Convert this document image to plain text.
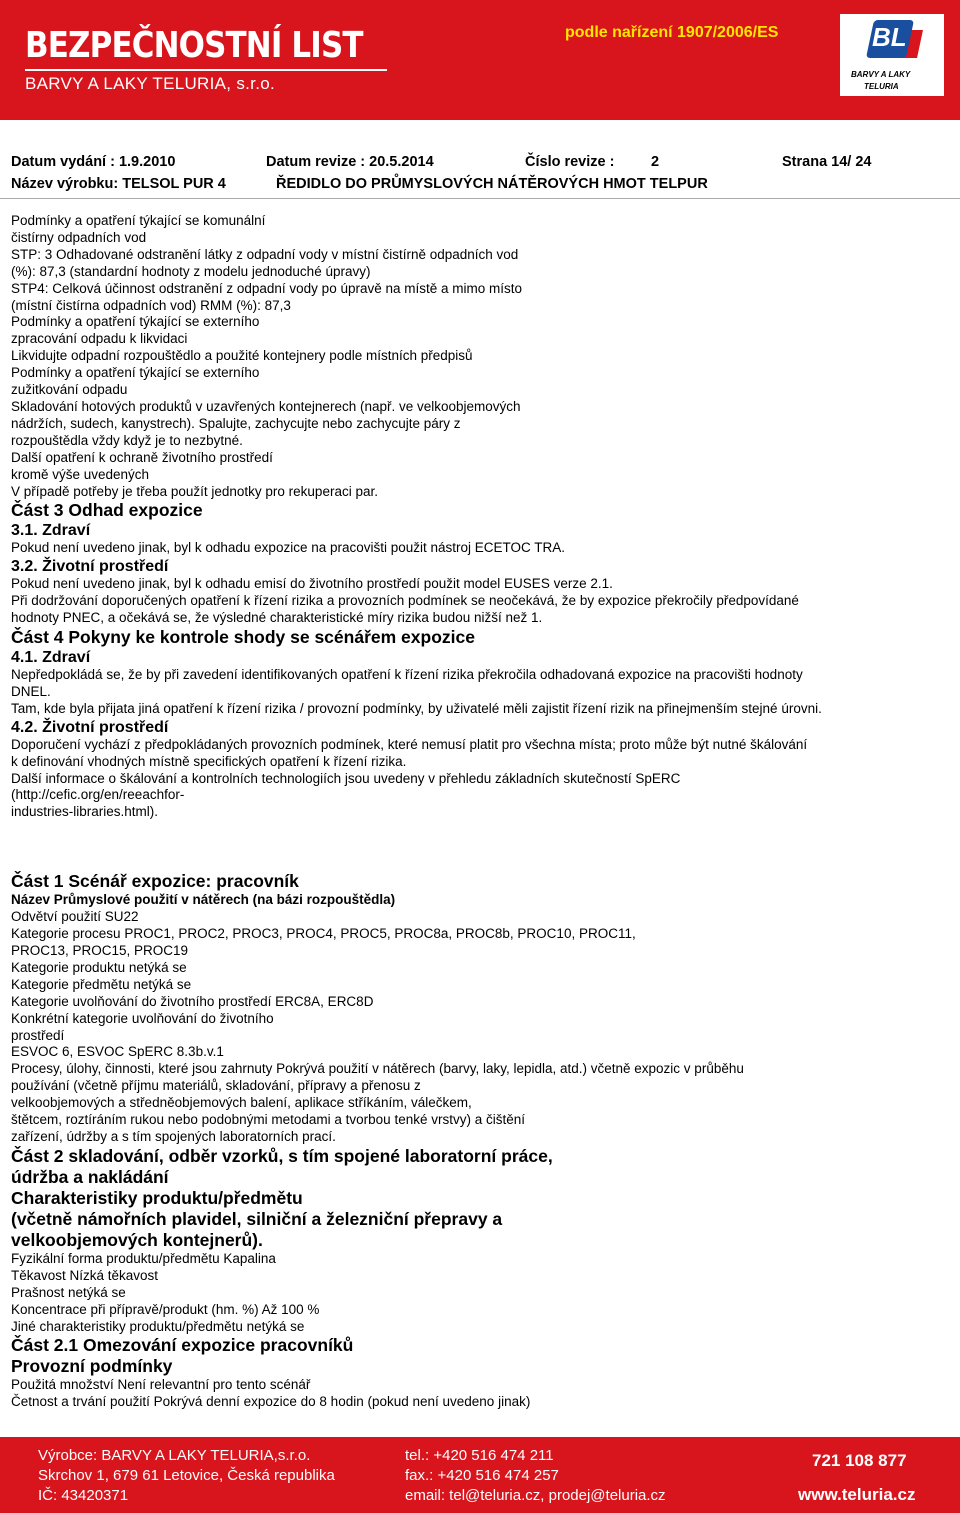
BEZPEČNOSTNÍ LIST
BARVY A LAKY TELURIA, s.r.o.
podle nařízení 1907/2006/ES	BL
BARVY A LAKY
TELURIA
Datum vydání : 1.9.2010	Datum revize : 20.5.2014	Číslo revize :	2	Strana 14/ 24
Název výrobku: TELSOL PUR 4	ŘEDIDLO DO PRŮMYSLOVÝCH NÁTĚROVÝCH HMOT TELPUR

Podmínky a opatření týkající se komunální

čistírny odpadních vod

STP: 3 Odhadované odstranění látky z odpadní vody v místní čistírně odpadních vod

(%): 87,3 (standardní hodnoty z modelu jednoduché úpravy)

STP4: Celková účinnost odstranění z odpadní vody po úpravě na místě a mimo místo

(místní čistírna odpadních vod) RMM (%): 87,3

Podmínky a opatření týkající se externího

zpracování odpadu k likvidaci

Likvidujte odpadní rozpouštědlo a použité kontejnery podle místních předpisů

Podmínky a opatření týkající se externího

zužitkování odpadu

Skladování hotových produktů v uzavřených kontejnerech (např. ve velkoobjemových

nádržích, sudech, kanystrech). Spalujte, zachycujte nebo zachycujte páry z

rozpouštědla vždy když je to nezbytné.

Další opatření k ochraně životního prostředí

kromě výše uvedených

V případě potřeby je třeba použít jednotky pro rekuperaci par.

Část 3 Odhad expozice

3.1. Zdraví

Pokud není uvedeno jinak, byl k odhadu expozice na pracovišti použit nástroj ECETOC TRA.

3.2. Životní prostředí

Pokud není uvedeno jinak, byl k odhadu emisí do životního prostředí použit model EUSES verze 2.1.

Při dodržování doporučených opatření k řízení rizika a provozních podmínek se neočekává, že by expozice překročily předpovídané

hodnoty PNEC, a očekává se, že výsledné charakteristické míry rizika budou nižší než 1.

Část 4 Pokyny ke kontrole shody se scénářem expozice

4.1. Zdraví

Nepředpokládá se, že by při zavedení identifikovaných opatření k řízení rizika překročila odhadovaná expozice na pracovišti hodnoty

DNEL.

Tam, kde byla přijata jiná opatření k řízení rizika / provozní podmínky, by uživatelé měli zajistit řízení rizik na přinejmenším stejné úrovni.

4.2. Životní prostředí

Doporučení vychází z předpokládaných provozních podmínek, které nemusí platit pro všechna místa; proto může být nutné škálování

k definování vhodných místně specifických opatření k řízení rizika.

Další informace o škálování a kontrolních technologiích jsou uvedeny v přehledu základních skutečností SpERC

(http://cefic.org/en/reeachfor-

industries-libraries.html).

Část 1 Scénář expozice: pracovník

Název Průmyslové použití v nátěrech (na bázi rozpouštědla)

Odvětví použití SU22

Kategorie procesu PROC1, PROC2, PROC3, PROC4, PROC5, PROC8a, PROC8b, PROC10, PROC11,

PROC13, PROC15, PROC19

Kategorie produktu netýká se

Kategorie předmětu netýká se

Kategorie uvolňování do životního prostředí ERC8A, ERC8D

Konkrétní kategorie uvolňování do životního

prostředí

ESVOC 6, ESVOC SpERC 8.3b.v.1

Procesy, úlohy, činnosti, které jsou zahrnuty Pokrývá použití v nátěrech (barvy, laky, lepidla, atd.) včetně expozic v průběhu

používání (včetně příjmu materiálů, skladování, přípravy a přenosu z

velkoobjemových a středněobjemových balení, aplikace stříkáním, válečkem,

štětcem, roztíráním rukou nebo podobnými metodami a tvorbou tenké vrstvy) a čištění

zařízení, údržby a s tím spojených laboratorních prací.

Část 2 skladování, odběr vzorků, s tím spojené laboratorní práce,

údržba a nakládání

Charakteristiky produktu/předmětu

(včetně námořních plavidel, silniční a železniční přepravy a

velkoobjemových kontejnerů).

Fyzikální forma produktu/předmětu Kapalina

Těkavost Nízká těkavost

Prašnost netýká se

Koncentrace při přípravě/produkt (hm. %) Až 100 %

Jiné charakteristiky produktu/předmětu netýká se

Část 2.1 Omezování expozice pracovníků

Provozní podmínky

Použitá množství Není relevantní pro tento scénář

Četnost a trvání použití Pokrývá denní expozice do 8 hodin (pokud není uvedeno jinak)

Výrobce: BARVY A LAKY TELURIA,s.r.o.
Skrchov 1, 679 61 Letovice, Česká republika
IČ: 43420371
tel.: +420 516 474 211
fax.: +420 516 474 257
email: tel@teluria.cz, prodej@teluria.cz
721 108 877
www.teluria.cz
